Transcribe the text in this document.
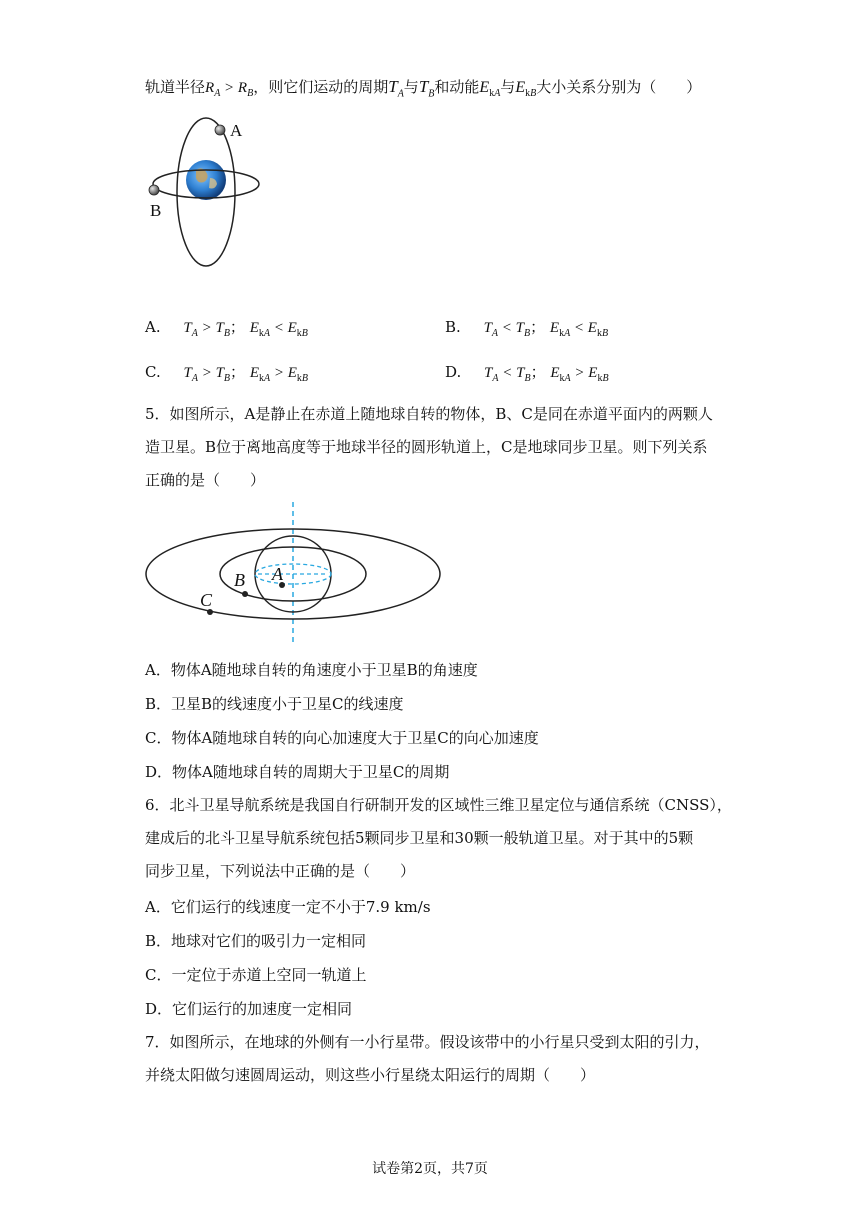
轨道半径$R_A > R_B$，则它们运动的周期$T_A$与$T_B$和动能$E_{kA}$与$E_{kB}$大小关系分别为（　　）
A
B
A. $T_A > T_B$； $E_{kA} < E_{kB}$	B. $T_A < T_B$； $E_{kA} < E_{kB}$
C. $T_A > T_B$； $E_{kA} > E_{kB}$	D. $T_A < T_B$； $E_{kA} > E_{kB}$
5．如图所示，A是静止在赤道上随地球自转的物体，B、C是同在赤道平面内的两颗人
造卫星。B位于离地高度等于地球半径的圆形轨道上，C是地球同步卫星。则下列关系
正确的是（　　）
A
B
C
A．物体A随地球自转的角速度小于卫星B的角速度
B．卫星B的线速度小于卫星C的线速度
C．物体A随地球自转的向心加速度大于卫星C的向心加速度
D．物体A随地球自转的周期大于卫星C的周期
6．北斗卫星导航系统是我国自行研制开发的区域性三维卫星定位与通信系统（CNSS），
建成后的北斗卫星导航系统包括5颗同步卫星和30颗一般轨道卫星。对于其中的5颗
同步卫星，下列说法中正确的是（　　）
A．它们运行的线速度一定不小于7.9 km/s
B．地球对它们的吸引力一定相同
C．一定位于赤道上空同一轨道上
D．它们运行的加速度一定相同
7．如图所示，在地球的外侧有一小行星带。假设该带中的小行星只受到太阳的引力，
并绕太阳做匀速圆周运动，则这些小行星绕太阳运行的周期（　　）
试卷第2页，共7页
